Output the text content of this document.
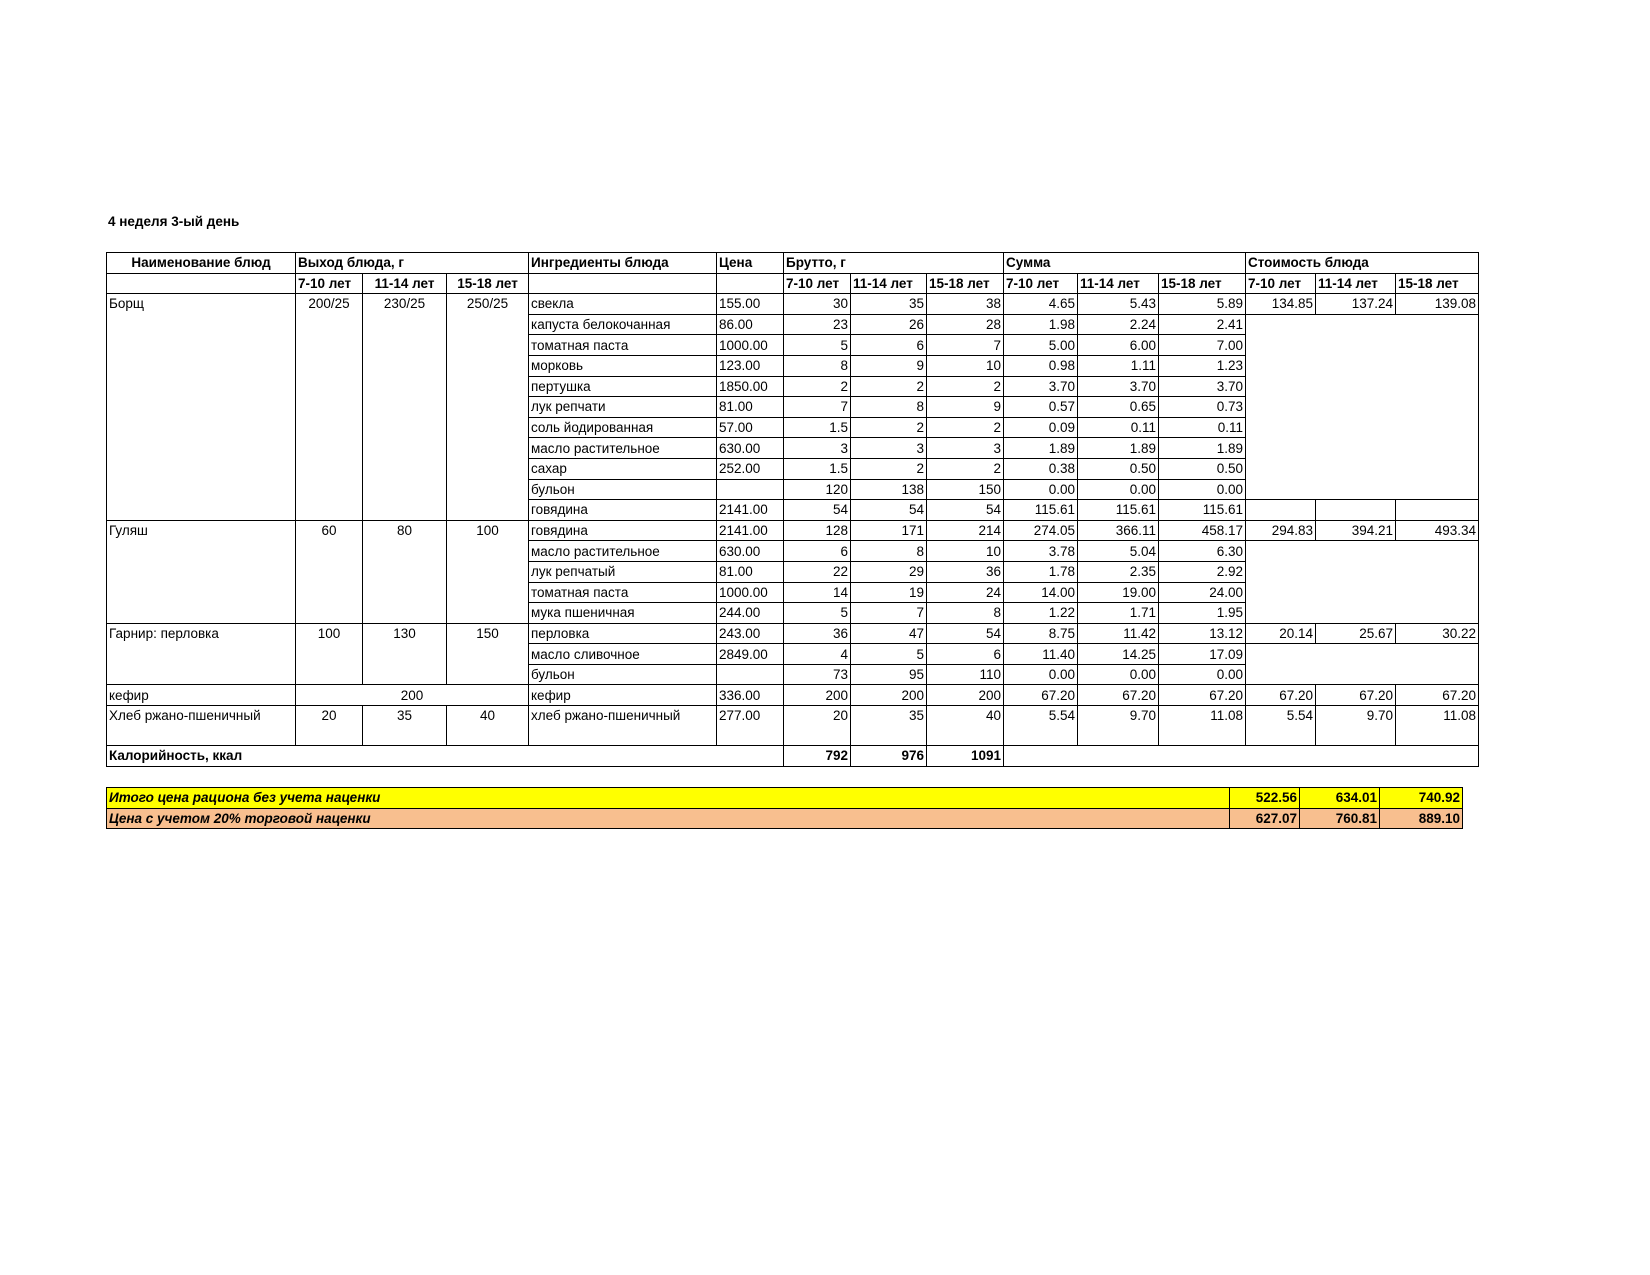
4 неделя 3-ый день
Наименование блюд	Выход блюда, г			Ингредиенты блюда	Цена	Брутто, г			Сумма			Стоимость блюда		
	7-10 лет	11-14 лет	15-18 лет			7-10 лет	11-14 лет	15-18 лет	7-10 лет	11-14 лет	15-18 лет	7-10 лет	11-14 лет	15-18 лет
Борщ	200/25	230/25	250/25	свекла	155.00	30	35	38	4.65	5.43	5.89	134.85	137.24	139.08
				капуста белокочанная	86.00	23	26	28	1.98	2.24	2.41			
				томатная паста	1000.00	5	6	7	5.00	6.00	7.00			
				морковь	123.00	8	9	10	0.98	1.11	1.23			
				пертушка	1850.00	2	2	2	3.70	3.70	3.70			
				лук репчати	81.00	7	8	9	0.57	0.65	0.73			
				соль йодированная	57.00	1.5	2	2	0.09	0.11	0.11			
				масло растительное	630.00	3	3	3	1.89	1.89	1.89			
				сахар	252.00	1.5	2	2	0.38	0.50	0.50			
				бульон		120	138	150	0.00	0.00	0.00			
				говядина	2141.00	54	54	54	115.61	115.61	115.61			
Гуляш	60	80	100	говядина	2141.00	128	171	214	274.05	366.11	458.17	294.83	394.21	493.34
				масло растительное	630.00	6	8	10	3.78	5.04	6.30			
				лук репчатый	81.00	22	29	36	1.78	2.35	2.92			
				томатная паста	1000.00	14	19	24	14.00	19.00	24.00			
				мука пшеничная	244.00	5	7	8	1.22	1.71	1.95			
Гарнир: перловка	100	130	150	перловка	243.00	36	47	54	8.75	11.42	13.12	20.14	25.67	30.22
				масло сливочное	2849.00	4	5	6	11.40	14.25	17.09			
				бульон		73	95	110	0.00	0.00	0.00			
кефир	200			кефир	336.00	200	200	200	67.20	67.20	67.20	67.20	67.20	67.20
Хлеб ржано-пшеничный	20	35	40	хлеб ржано-пшеничный	277.00	20	35	40	5.54	9.70	11.08	5.54	9.70	11.08
Калорийность, ккал						792	976	1091						
Итого цена рациона без учета наценки	522.56	634.01	740.92
Цена с учетом 20% торговой наценки	627.07	760.81	889.10
